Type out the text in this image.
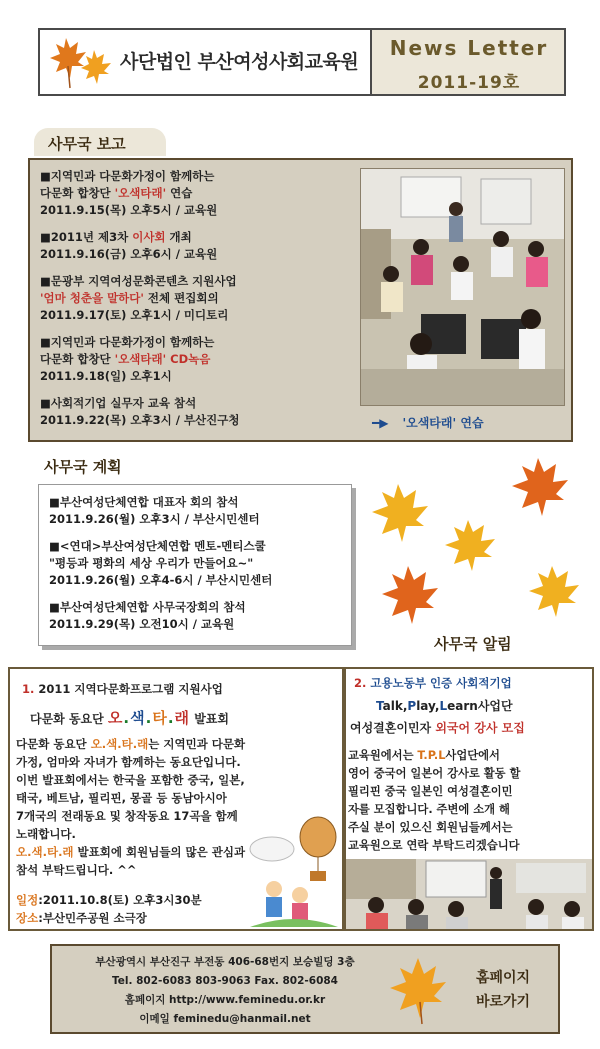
사단법인 부산여성사회교육원
News Letter
2011-19호
사무국 보고
■지역민과 다문화가정이 함께하는
다문화 합창단 '오색타래' 연습
2011.9.15(목) 오후5시 / 교육원
■2011년 제3차 이사회 개최
2011.9.16(금) 오후6시 / 교육원
■문광부 지역여성문화콘텐츠 지원사업
'엄마 청춘을 말하다' 전체 편집회의
2011.9.17(토) 오후1시 / 미디토리
■지역민과 다문화가정이 함께하는
다문화 합창단 '오색타래' CD녹음
2011.9.18(일) 오후1시
■사회적기업 실무자 교육 참석
2011.9.22(목) 오후3시 / 부산진구청	━▶ '오색타래' 연습
사무국 계획
■부산여성단체연합 대표자 회의 참석
2011.9.26(월) 오후3시 / 부산시민센터
■<연대>부산여성단체연합 멘토-멘티스쿨
"평등과 평화의 세상 우리가 만들어요~"
2011.9.26(월) 오후4-6시 / 부산시민센터
■부산여성단체연합 사무국장회의 참석
2011.9.29(목) 오전10시 / 교육원
사무국 알림
1. 2011 지역다문화프로그램 지원사업
다문화 동요단 오.색.타.래 발표회
다문화 동요단 오.색.타.래는 지역민과 다문화
가정, 엄마와 자녀가 함께하는 동요단입니다.
이번 발표회에서는 한국을 포함한 중국, 일본,
태국, 베트남, 필리핀, 몽골 등 동남아시아
7개국의 전래동요 및 창작동요 17곡을 함께
노래합니다.
오.색.타.래 발표회에 회원님들의 많은 관심과
참석 부탁드립니다. ^^
일정:2011.10.8(토) 오후3시30분
장소:부산민주공원 소극장
2. 고용노동부 인증 사회적기업
Talk,Play,Learn사업단
여성결혼이민자 외국어 강사 모집
교육원에서는 T.P.L사업단에서
영어 중국어 일본어 강사로 활동 할
필리핀 중국 일본인 여성결혼이민
자를 모집합니다. 주변에 소개 해
주실 분이 있으신 회원님들께서는
교육원으로 연락 부탁드리겠습니다
부산광역시 부산진구 부전동 406-68번지 보승빌딩 3층
Tel. 802-6083 803-9063 Fax. 802-6084
홈페이지 http://www.feminedu.or.kr
이메일 feminedu@hanmail.net
홈페이지
바로가기
